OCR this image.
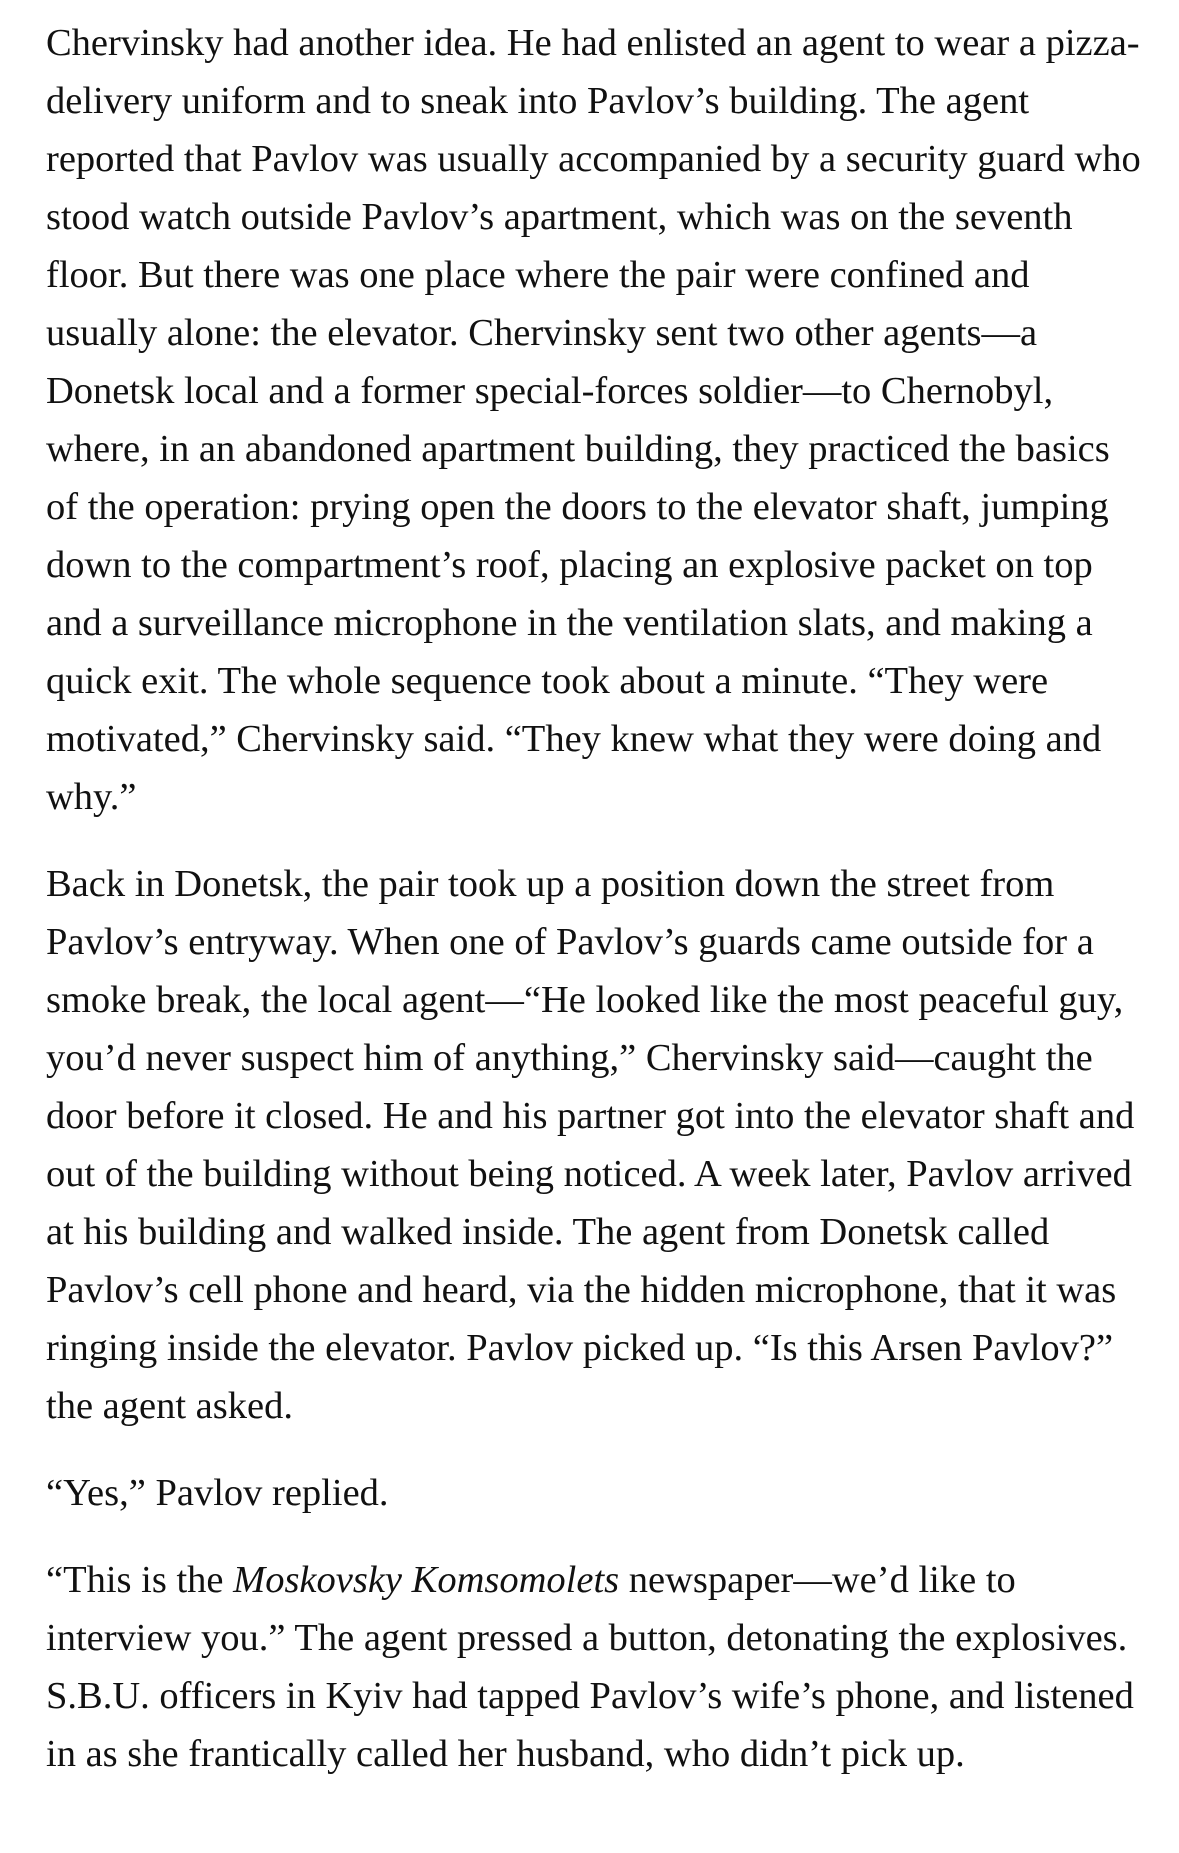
Chervinsky had another idea. He had enlisted an agent to wear a pizza-delivery uniform and to sneak into Pavlov’s building. The agent reported that Pavlov was usually accompanied by a security guard who stood watch outside Pavlov’s apartment, which was on the seventh floor. But there was one place where the pair were confined and usually alone: the elevator. Chervinsky sent two other agents—a Donetsk local and a former special-forces soldier—to Chernobyl, where, in an abandoned apartment building, they practiced the basics of the operation: prying open the doors to the elevator shaft, jumping down to the compartment’s roof, placing an explosive packet on top and a surveillance microphone in the ventilation slats, and making a quick exit. The whole sequence took about a minute. “They were motivated,” Chervinsky said. “They knew what they were doing and why.”

Back in Donetsk, the pair took up a position down the street from Pavlov’s entryway. When one of Pavlov’s guards came outside for a smoke break, the local agent—“He looked like the most peaceful guy, you’d never suspect him of anything,” Chervinsky said—caught the door before it closed. He and his partner got into the elevator shaft and out of the building without being noticed. A week later, Pavlov arrived at his building and walked inside. The agent from Donetsk called Pavlov’s cell phone and heard, via the hidden microphone, that it was ringing inside the elevator. Pavlov picked up. “Is this Arsen Pavlov?” the agent asked.

“Yes,” Pavlov replied.

“This is the Moskovsky Komsomolets newspaper—we’d like to interview you.” The agent pressed a button, detonating the explosives. S.B.U. officers in Kyiv had tapped Pavlov’s wife’s phone, and listened in as she frantically called her husband, who didn’t pick up.
